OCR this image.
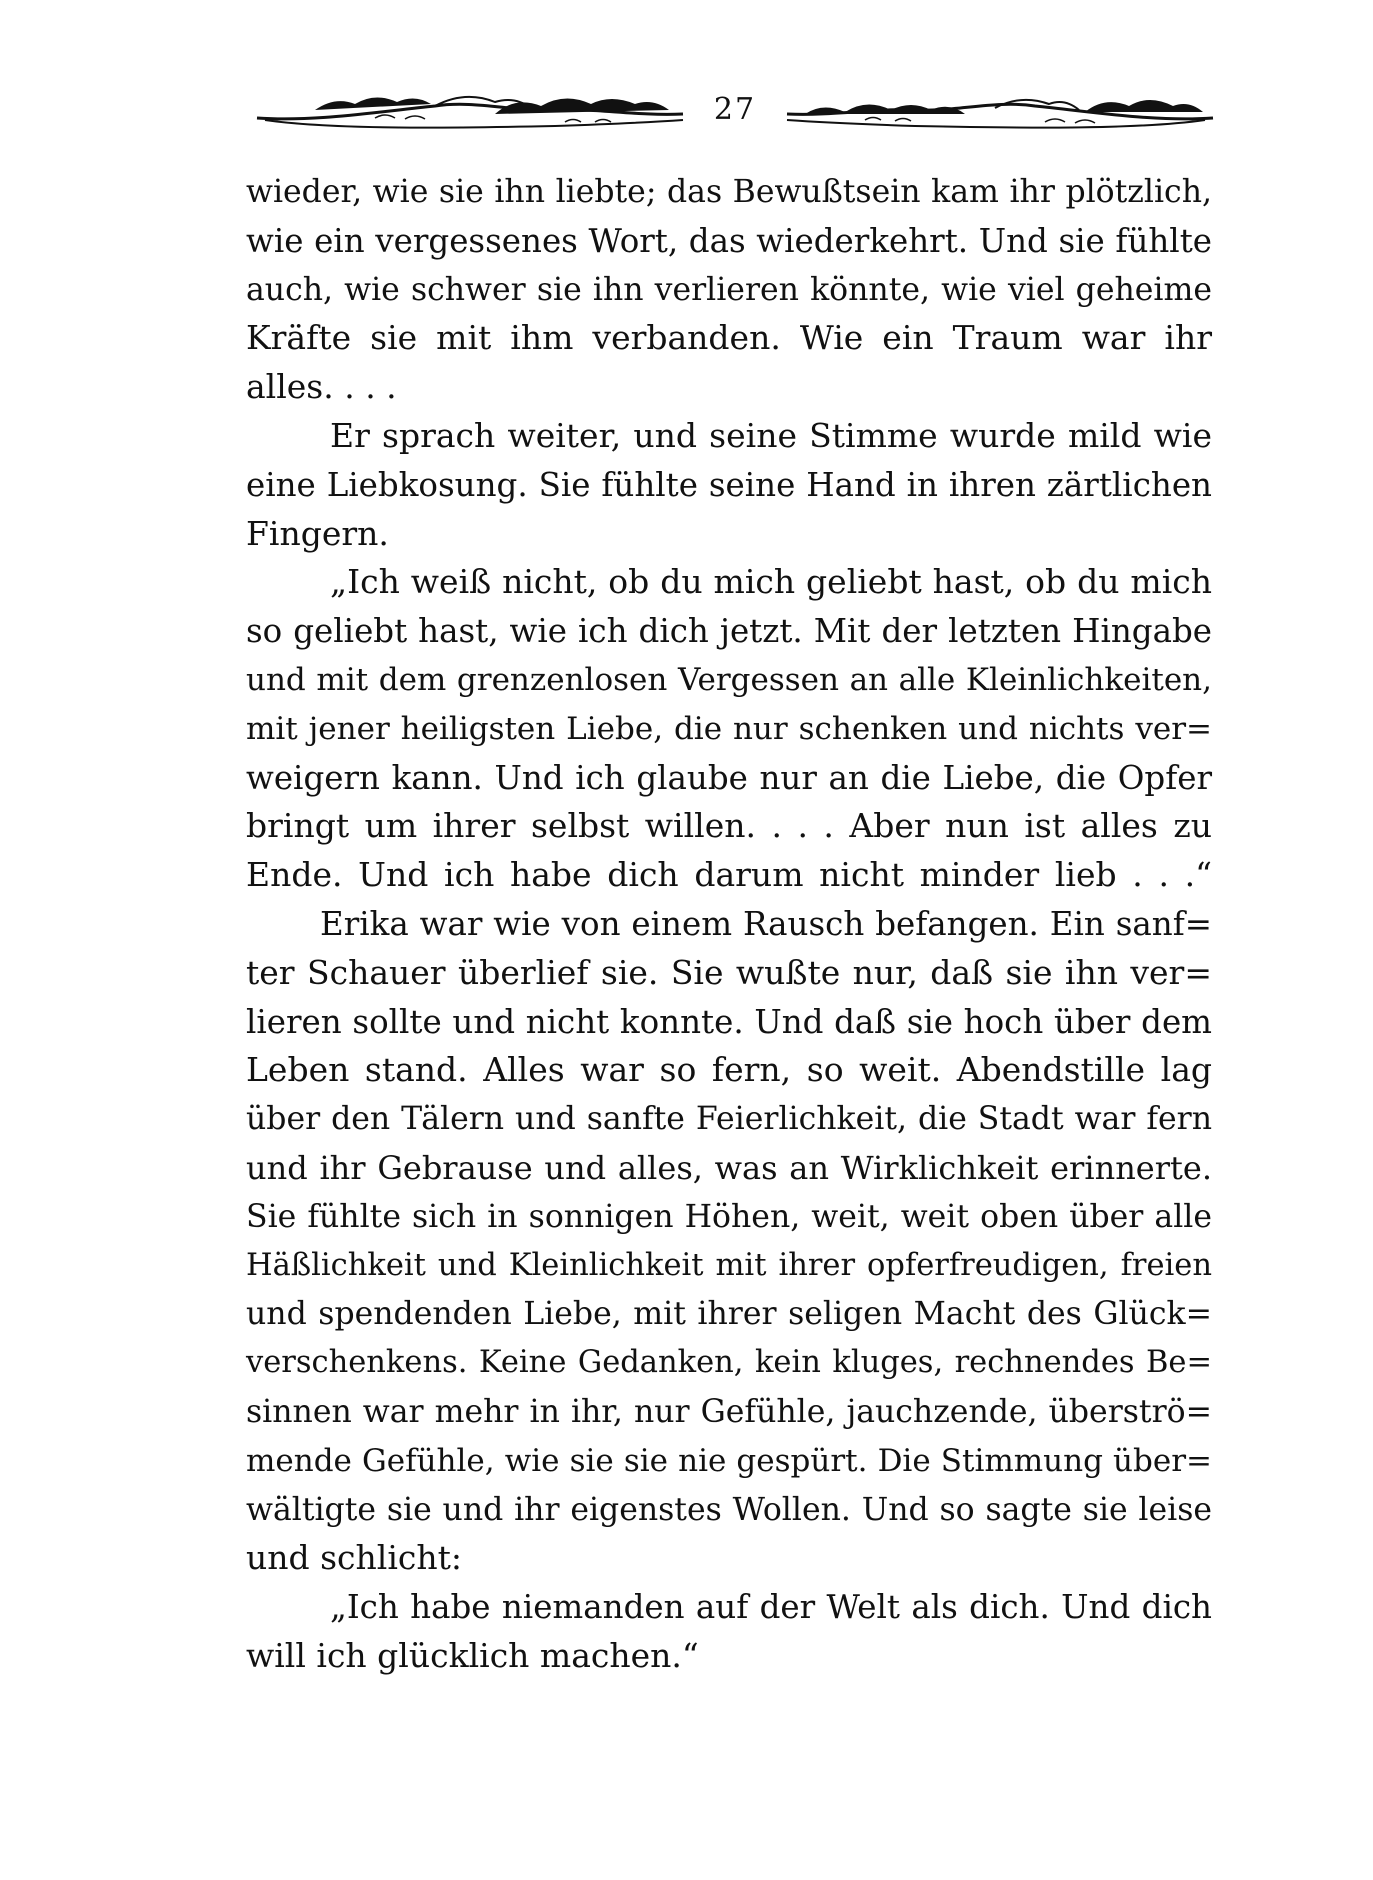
27
wieder, wie sie ihn liebte; das Bewußtsein kam ihr plötzlich,
wie ein vergessenes Wort, das wiederkehrt. Und sie fühlte
auch, wie schwer sie ihn verlieren könnte, wie viel geheime
Kräfte sie mit ihm verbanden. Wie ein Traum war ihr
alles. . . .
Er sprach weiter, und seine Stimme wurde mild wie
eine Liebkosung. Sie fühlte seine Hand in ihren zärtlichen
Fingern.
„Ich weiß nicht, ob du mich geliebt hast, ob du mich
so geliebt hast, wie ich dich jetzt. Mit der letzten Hingabe
und mit dem grenzenlosen Vergessen an alle Kleinlichkeiten,
mit jener heiligsten Liebe, die nur schenken und nichts ver=
weigern kann. Und ich glaube nur an die Liebe, die Opfer
bringt um ihrer selbst willen. . . . Aber nun ist alles zu
Ende. Und ich habe dich darum nicht minder lieb . . .“
Erika war wie von einem Rausch befangen. Ein sanf=
ter Schauer überlief sie. Sie wußte nur, daß sie ihn ver=
lieren sollte und nicht konnte. Und daß sie hoch über dem
Leben stand. Alles war so fern, so weit. Abendstille lag
über den Tälern und sanfte Feierlichkeit, die Stadt war fern
und ihr Gebrause und alles, was an Wirklichkeit erinnerte.
Sie fühlte sich in sonnigen Höhen, weit, weit oben über alle
Häßlichkeit und Kleinlichkeit mit ihrer opferfreudigen, freien
und spendenden Liebe, mit ihrer seligen Macht des Glück=
verschenkens. Keine Gedanken, kein kluges, rechnendes Be=
sinnen war mehr in ihr, nur Gefühle, jauchzende, überströ=
mende Gefühle, wie sie sie nie gespürt. Die Stimmung über=
wältigte sie und ihr eigenstes Wollen. Und so sagte sie leise
und schlicht:
„Ich habe niemanden auf der Welt als dich. Und dich
will ich glücklich machen.“
